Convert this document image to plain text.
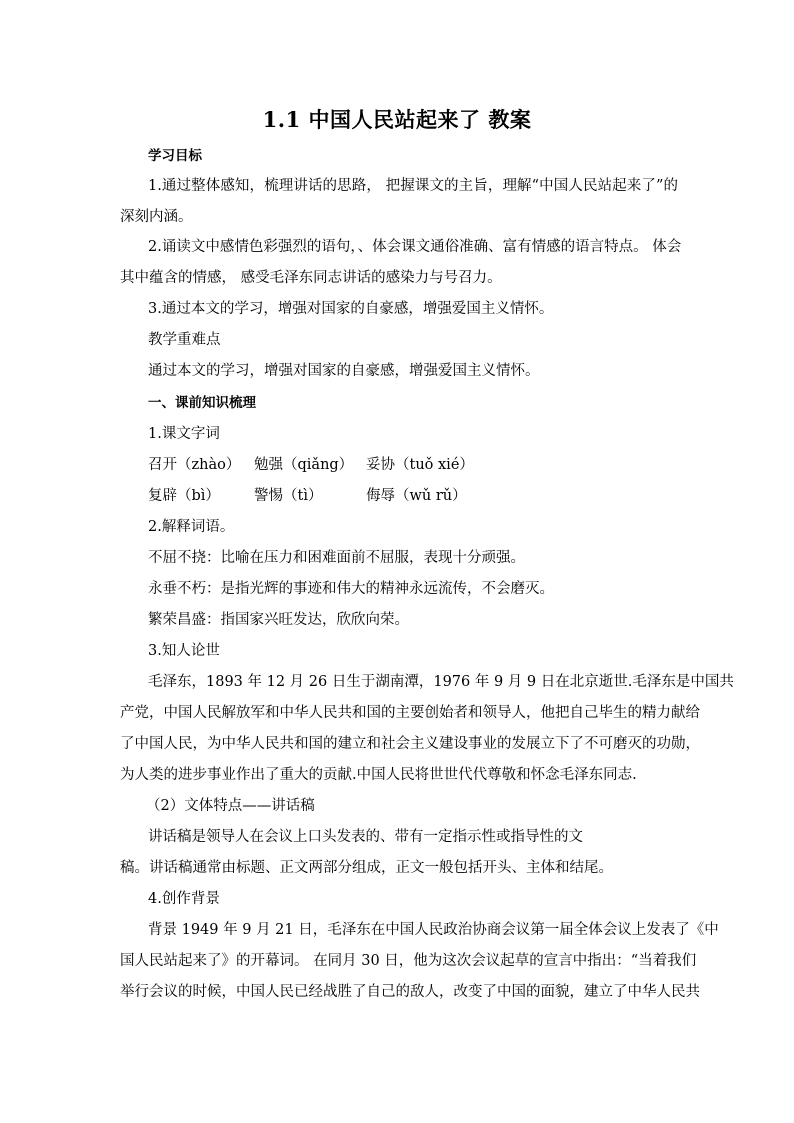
1.1 中国人民站起来了 教案
学习目标
1.通过整体感知，梳理讲话的思路， 把握课文的主旨，理解“中国人民站起来了”的
深刻内涵。
2.诵读文中感情色彩强烈的语句，、体会课文通俗准确、富有情感的语言特点。 体会
其中蕴含的情感， 感受毛泽东同志讲话的感染力与号召力。
3.通过本文的学习，增强对国家的自豪感，增强爱国主义情怀。
教学重难点
通过本文的学习，增强对国家的自豪感，增强爱国主义情怀。
一、课前知识梳理
1.课文字词
召开（zhào） 勉强（qiǎng） 妥协（tuǒ xié）
复辟（bì） 警惕（tì）	侮辱（wǔ rǔ）
2.解释词语。
不屈不挠：比喻在压力和困难面前不屈服，表现十分顽强。
永垂不朽：是指光辉的事迹和伟大的精神永远流传，不会磨灭。
繁荣昌盛：指国家兴旺发达，欣欣向荣。
3.知人论世
毛泽东，1893 年 12 月 26 日生于湖南潭，1976 年 9 月 9 日在北京逝世.毛泽东是中国共
产党，中国人民解放军和中华人民共和国的主要创始者和领导人，他把自己毕生的精力献给
了中国人民，为中华人民共和国的建立和社会主义建设事业的发展立下了不可磨灭的功勋，
为人类的进步事业作出了重大的贡献.中国人民将世世代代尊敬和怀念毛泽东同志.
（2）文体特点——讲话稿
讲话稿是领导人在会议上口头发表的、带有一定指示性或指导性的文
稿。讲话稿通常由标题、正文两部分组成，正文一般包括开头、主体和结尾。
4.创作背景
背景 1949 年 9 月 21 日，毛泽东在中国人民政治协商会议第一届全体会议上发表了《中
国人民站起来了》的开幕词。 在同月 30 日，他为这次会议起草的宣言中指出：“当着我们
举行会议的时候，中国人民已经战胜了自己的敌人，改变了中国的面貌，建立了中华人民共
